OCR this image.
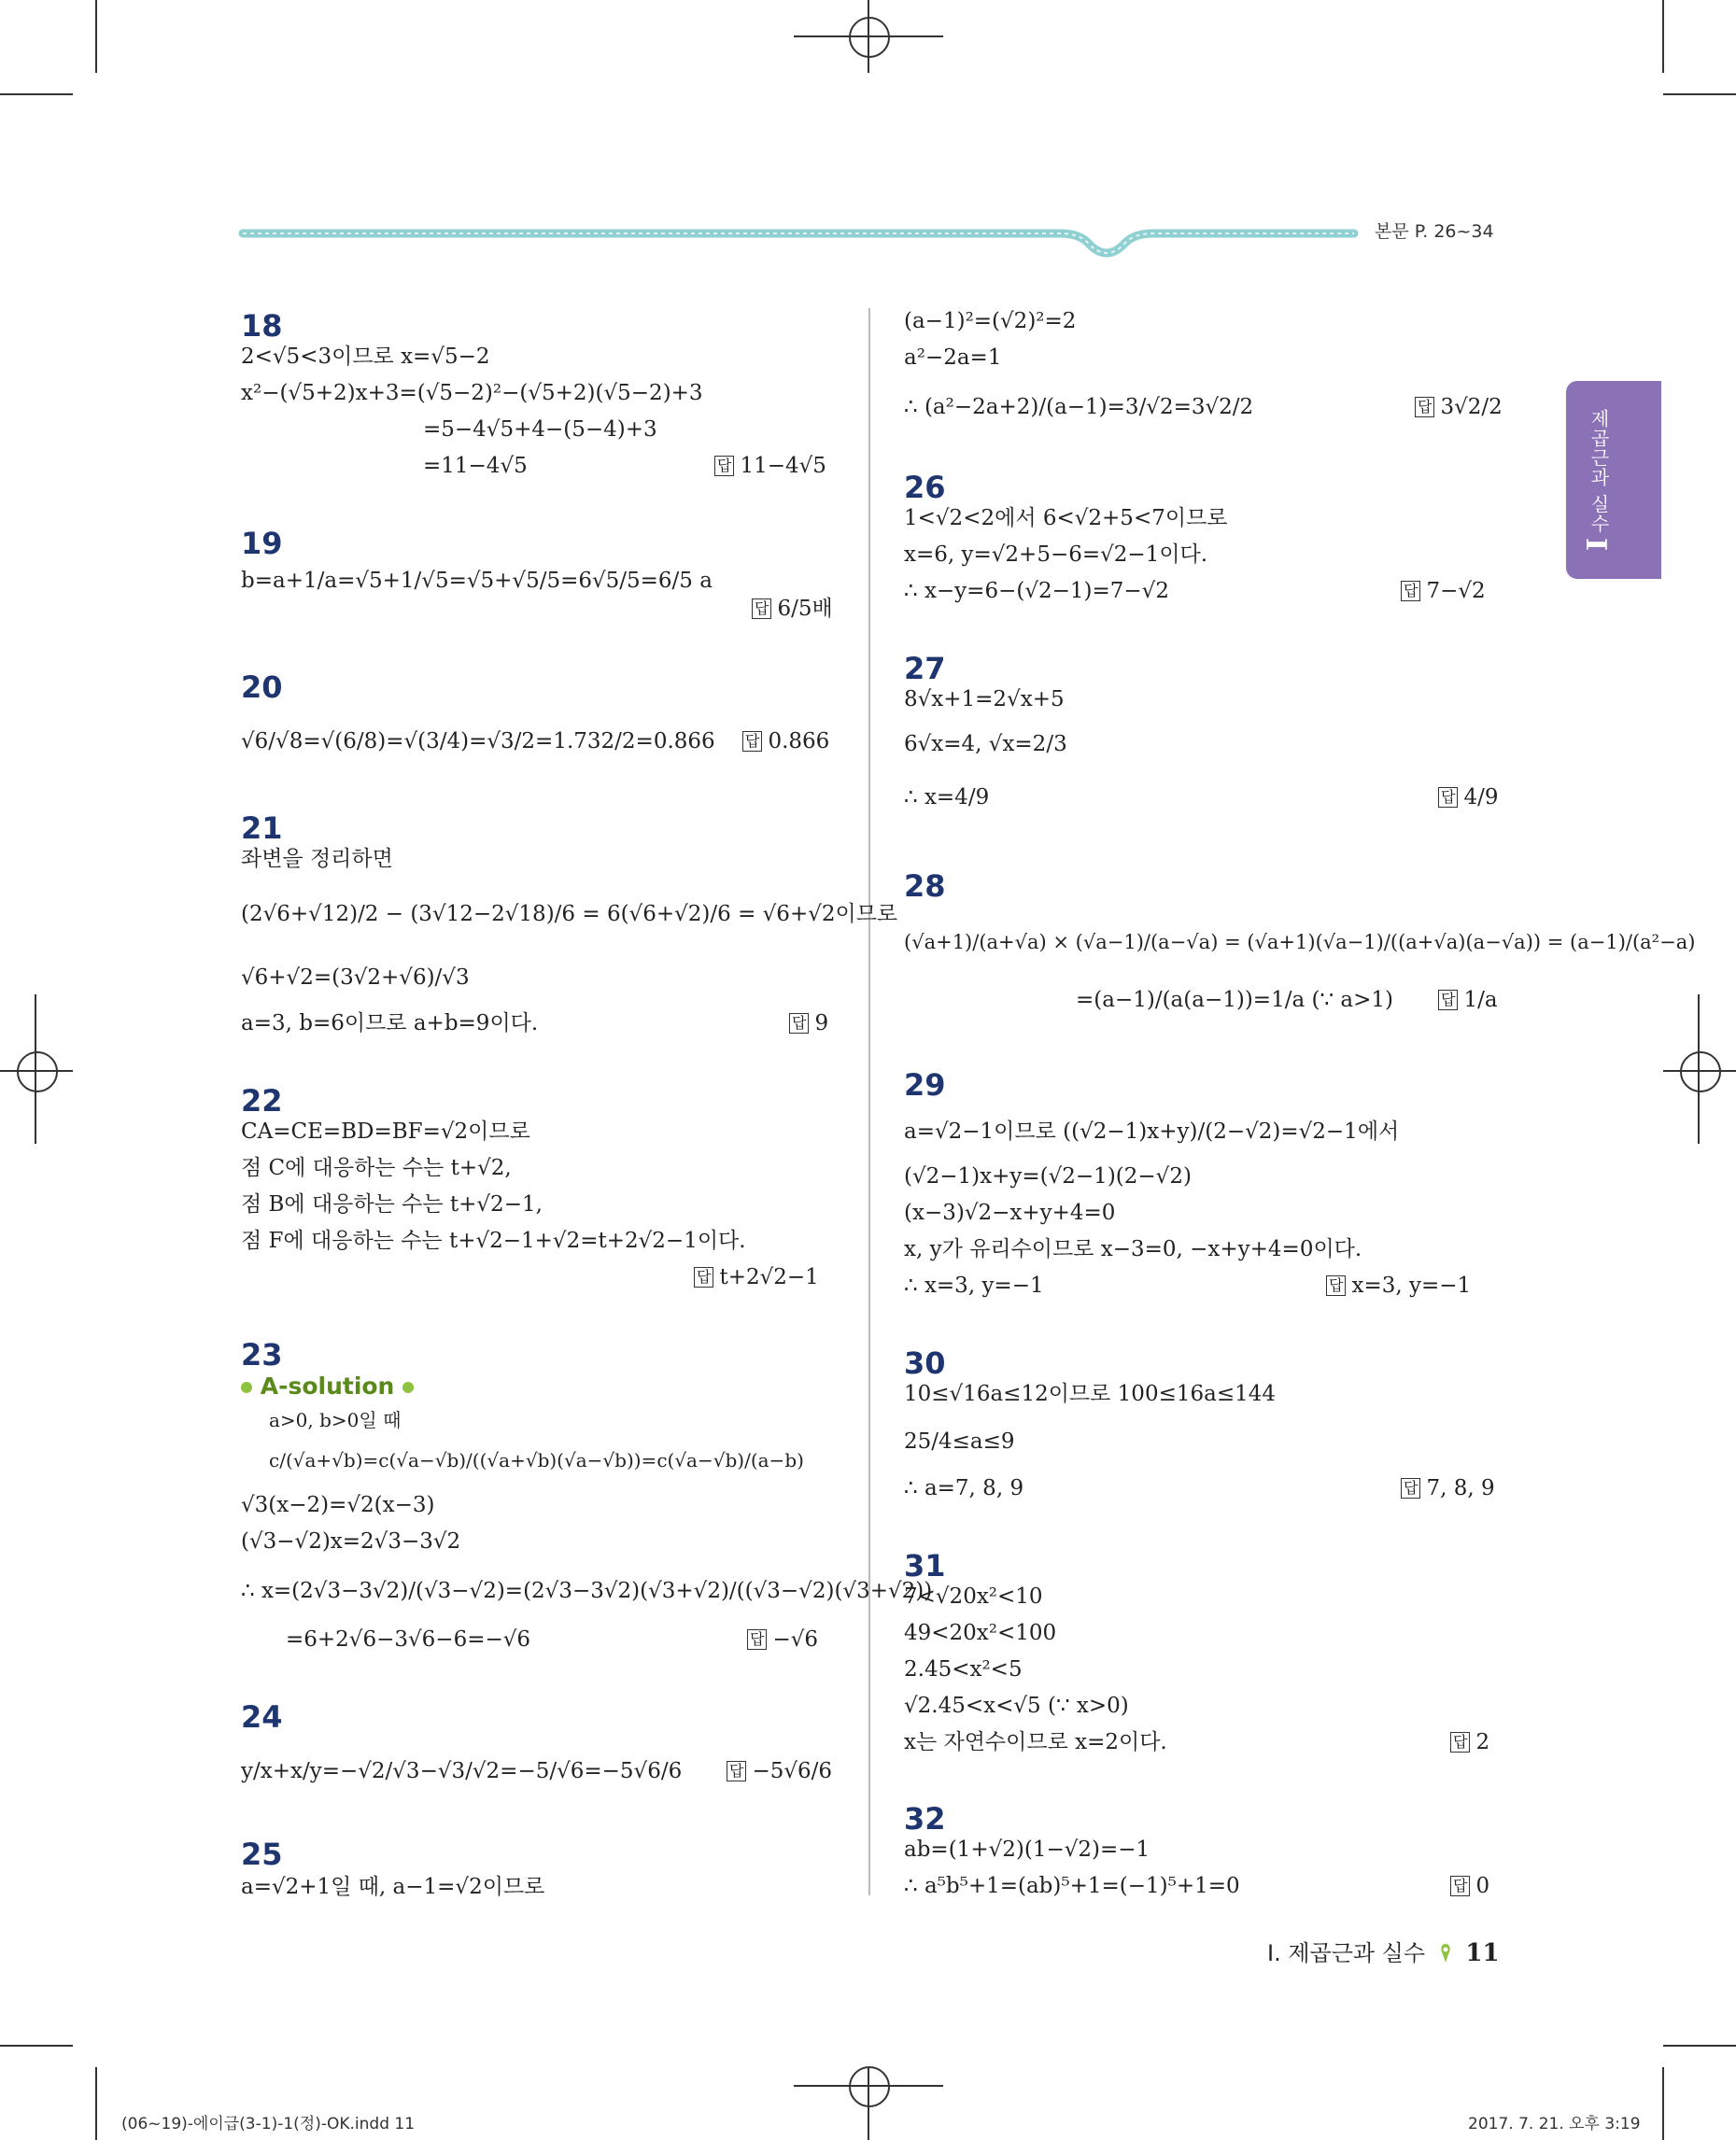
본문 P. 26~34
제곱근과 실수
I
18
2<√5<3이므로 x=√5−2
x²−(√5+2)x+3=(√5−2)²−(√5+2)(√5−2)+3
=5−4√5+4−(5−4)+3
=11−4√5	답 11−4√5
19
b=a+1/a=√5+1/√5=√5+√5/5=6√5/5=6/5 a
답 6/5배
20
√6/√8=√(6/8)=√(3/4)=√3/2=1.732/2=0.866 답 0.866
21
좌변을 정리하면
(2√6+√12)/2 − (3√12−2√18)/6 = 6(√6+√2)/6 = √6+√2이므로
√6+√2=(3√2+√6)/√3
a=3, b=6이므로 a+b=9이다.	답 9
22
CA=CE=BD=BF=√2이므로
점 C에 대응하는 수는 t+√2,
점 B에 대응하는 수는 t+√2−1,
점 F에 대응하는 수는 t+√2−1+√2=t+2√2−1이다.
답 t+2√2−1
23
A-solution
a>0, b>0일 때
c/(√a+√b)=c(√a−√b)/((√a+√b)(√a−√b))=c(√a−√b)/(a−b)
√3(x−2)=√2(x−3)
(√3−√2)x=2√3−3√2
∴ x=(2√3−3√2)/(√3−√2)=(2√3−3√2)(√3+√2)/((√3−√2)(√3+√2))
=6+2√6−3√6−6=−√6	답 −√6
24
y/x+x/y=−√2/√3−√3/√2=−5/√6=−5√6/6	답 −5√6/6
25
a=√2+1일 때, a−1=√2이므로
(a−1)²=(√2)²=2
a²−2a=1
∴ (a²−2a+2)/(a−1)=3/√2=3√2/2	답 3√2/2
26
1<√2<2에서 6<√2+5<7이므로
x=6, y=√2+5−6=√2−1이다.
∴ x−y=6−(√2−1)=7−√2	답 7−√2
27
8√x+1=2√x+5
6√x=4, √x=2/3
∴ x=4/9	답 4/9
28
(√a+1)/(a+√a) × (√a−1)/(a−√a) = (√a+1)(√a−1)/((a+√a)(a−√a)) = (a−1)/(a²−a)
=(a−1)/(a(a−1))=1/a (∵ a>1)	답 1/a
29
a=√2−1이므로 ((√2−1)x+y)/(2−√2)=√2−1에서
(√2−1)x+y=(√2−1)(2−√2)
(x−3)√2−x+y+4=0
x, y가 유리수이므로 x−3=0, −x+y+4=0이다.
∴ x=3, y=−1	답 x=3, y=−1
30
10≤√16a≤12이므로 100≤16a≤144
25/4≤a≤9
∴ a=7, 8, 9	답 7, 8, 9
31
7<√20x²<10
49<20x²<100
2.45<x²<5
√2.45<x<√5 (∵ x>0)
x는 자연수이므로 x=2이다.	답 2
32
ab=(1+√2)(1−√2)=−1
∴ a⁵b⁵+1=(ab)⁵+1=(−1)⁵+1=0	답 0
I. 제곱근과 실수 11
(06~19)-에이급(3-1)-1(정)-OK.indd 11	2017. 7. 21. 오후 3:19
